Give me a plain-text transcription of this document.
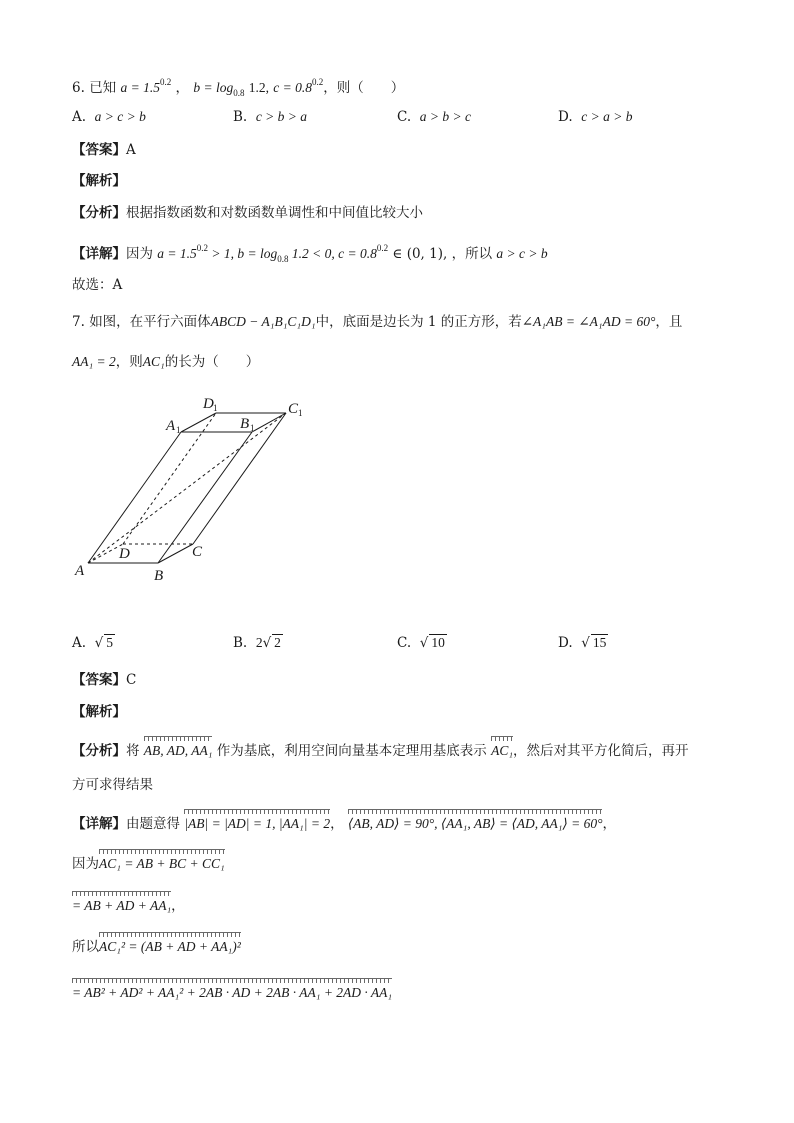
6. 已知 $a = 1.5^{0.2}$ ， $b = \log_{0.8} 1.2$, $c = 0.8^{0.2}$，则（　　）
A. a > c > b	B. c > b > a	C. a > b > c	D. c > a > b
【答案】A
【解析】
【分析】根据指数函数和对数函数单调性和中间值比较大小
【详解】因为 $a = 1.5^{0.2} > 1$, $b = \log_{0.8} 1.2 < 0$, $c = 0.8^{0.2}$ ∈ (0, 1), ，所以 a > c > b
故选：A
7. 如图，在平行六面体ABCD − A₁B₁C₁D₁中，底面是边长为 1 的正方形，若∠A₁AB = ∠A₁AD = 60°，且
AA₁ = 2，则AC₁的长为（　　）
A	B
C
D
A 1	B 1
C 1
D 1
A.  √ 5	B. 2√ 2	C.  √ 10	D.  √ 15
【答案】C
【解析】
【分析】将 AB, AD, AA₁ 作为基底，利用空间向量基本定理用基底表示 AC₁，然后对其平方化简后，再开
方可求得结果
【详解】由题意得 |AB| = |AD| = 1, |AA₁| = 2， ⟨AB, AD⟩ = 90°, ⟨AA₁, AB⟩ = ⟨AD, AA₁⟩ = 60°，
因为AC₁ = AB + BC + CC₁
= AB + AD + AA₁，
所以AC₁² = (AB + AD + AA₁)²
= AB² + AD² + AA₁² + 2AB · AD + 2AB · AA₁ + 2AD · AA₁
